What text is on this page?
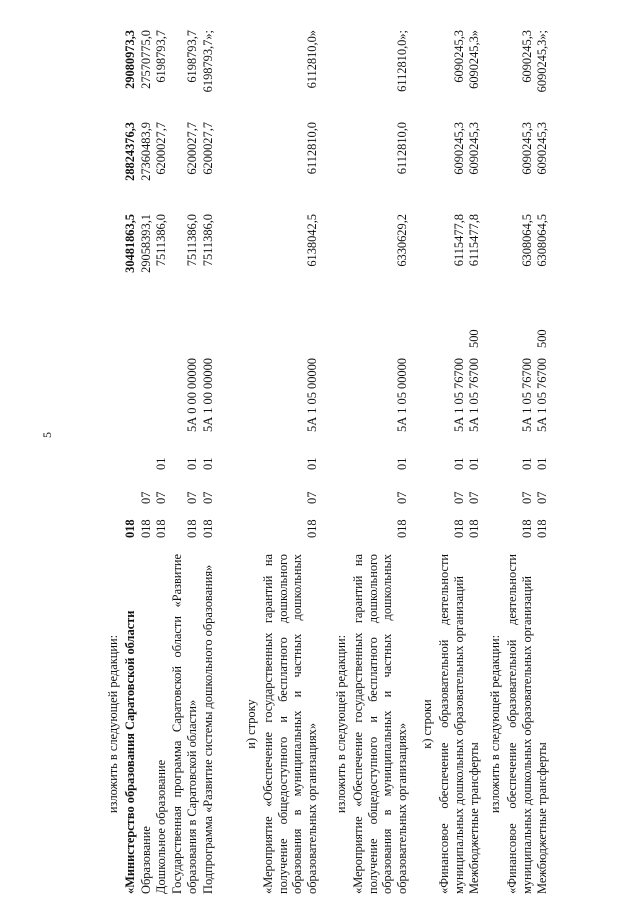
5
изложить в следующей редакции: «Министерство образования Саратовской области
018
30481863,5
28824376,3
29080973,3
Образование
018
07
29058393,1
27360483,9
27570775,0
Дошкольное образование
018
07
01
7511386,0
6200027,7
6198793,7
Государственная программа Саратовской области «Развитие образования в Саратовской области»
018
07
01
5А 0 00 00000
7511386,0
6200027,7
6198793,7
Подпрограмма «Развитие системы дошкольного образования»
018
07
01
5А 1 00 00000
7511386,0
6200027,7
6198793,7»;
и) строку «Мероприятие «Обеспечение государственных гарантий на получение общедоступного и бесплатного дошкольного образования в муниципальных и частных дошкольных образовательных организациях»
018
07
01
5А 1 05 00000
6138042,5
6112810,0
6112810,0»
изложить в следующей редакции: «Мероприятие «Обеспечение государственных гарантий на получение общедоступного и бесплатного дошкольного образования в муниципальных и частных дошкольных образовательных организациях»
018
07
01
5А 1 05 00000
6330629,2
6112810,0
6112810,0»;
к) строки «Финансовое обеспечение образовательной деятельности муниципальных дошкольных образовательных организаций
018
07
01
5А 1 05 76700
6115477,8
6090245,3
6090245,3
Межбюджетные трансферты
018
07
01
5А 1 05 76700
500
6115477,8
6090245,3
6090245,3»
изложить в следующей редакции: «Финансовое обеспечение образовательной деятельности муниципальных дошкольных образовательных организаций
018
07
01
5А 1 05 76700
6308064,5
6090245,3
6090245,3
Межбюджетные трансферты
018
07
01
5А 1 05 76700
500
6308064,5
6090245,3
6090245,3»;
